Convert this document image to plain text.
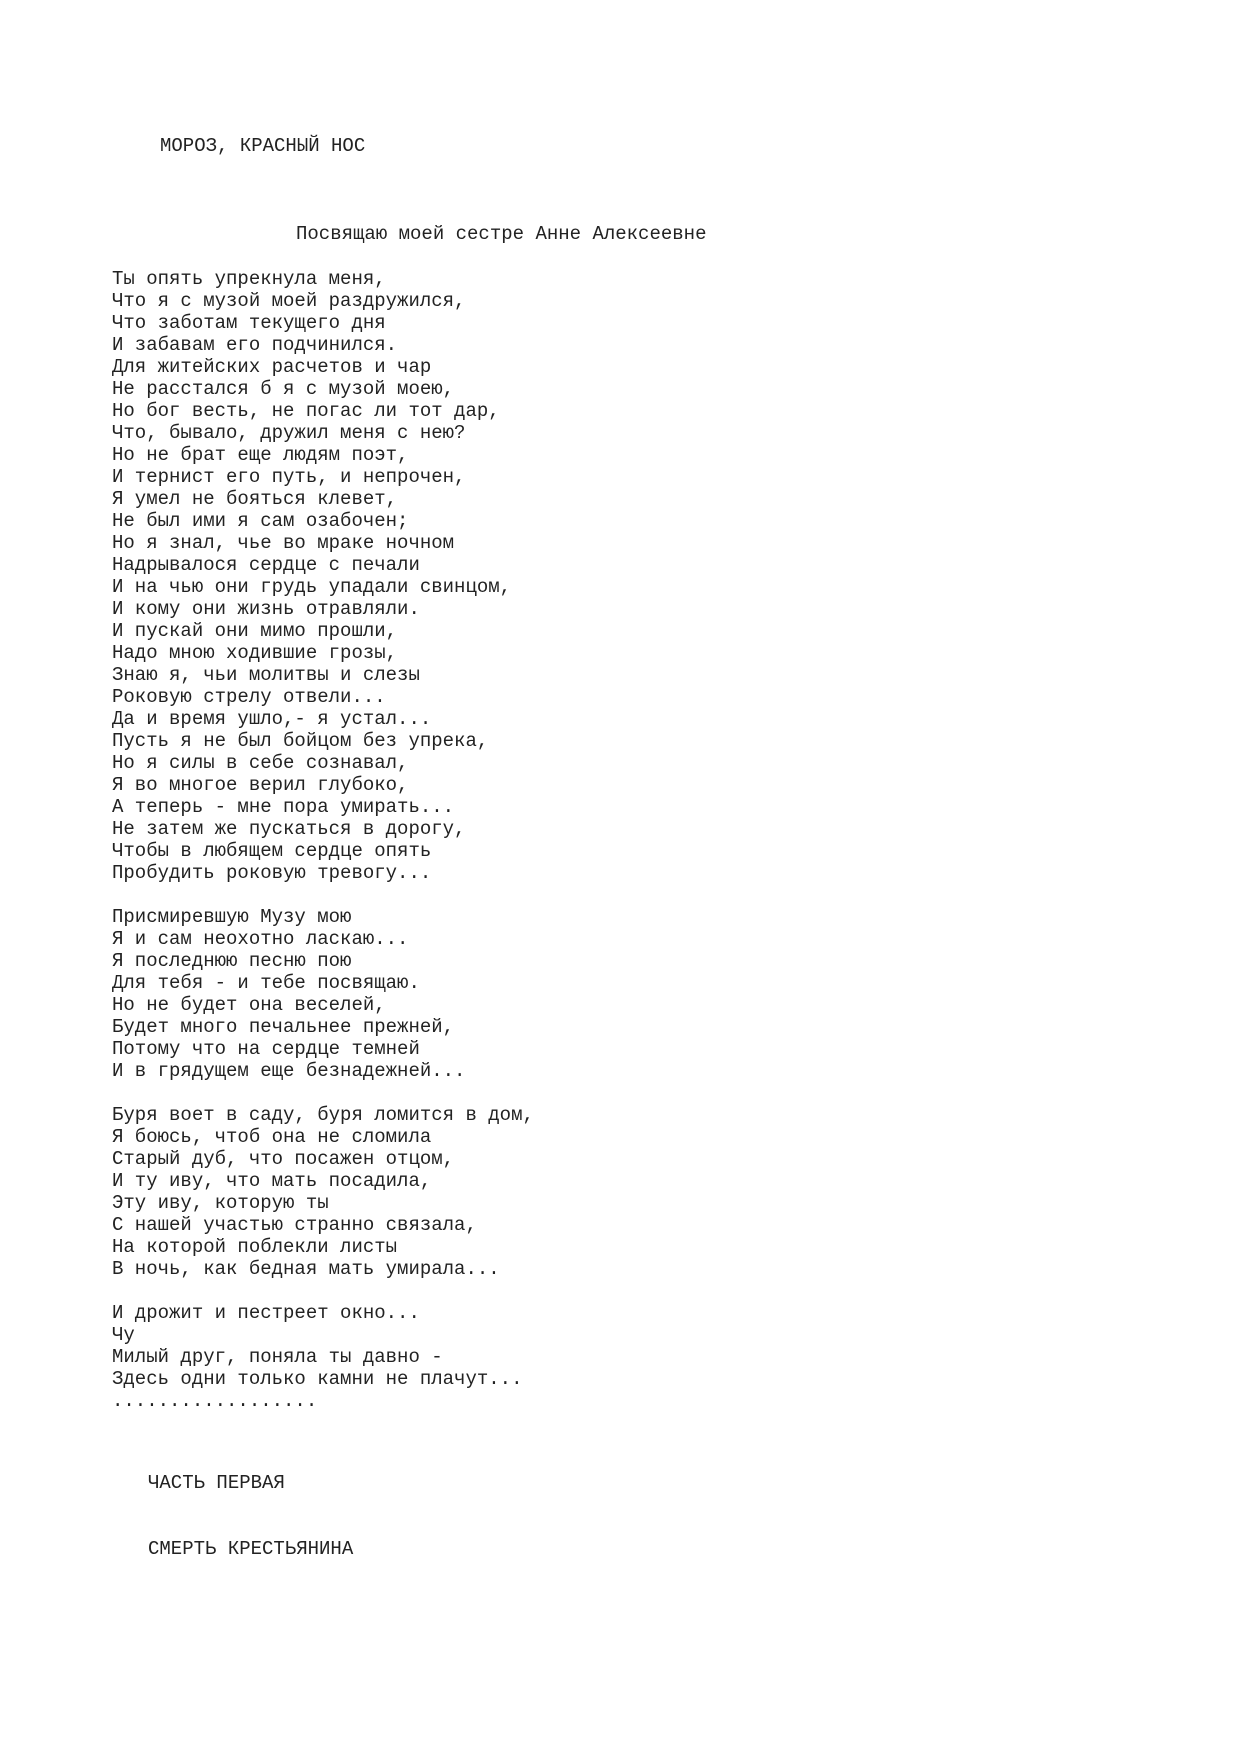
МОРОЗ, КРАСНЫЙ НОС
Посвящаю моей сестре Анне Алексеевне
Ты опять упрекнула меня,
Что я с музой моей раздружился,
Что заботам текущего дня
И забавам его подчинился.
Для житейских расчетов и чар
Не расстался б я с музой моею,
Но бог весть, не погас ли тот дар,
Что, бывало, дружил меня с нею?
Но не брат еще людям поэт,
И тернист его путь, и непрочен,
Я умел не бояться клевет,
Не был ими я сам озабочен;
Но я знал, чье во мраке ночном
Надрывалося сердце с печали
И на чью они грудь упадали свинцом,
И кому они жизнь отравляли.
И пускай они мимо прошли,
Надо мною ходившие грозы,
Знаю я, чьи молитвы и слезы
Роковую стрелу отвели...
Да и время ушло,- я устал...
Пусть я не был бойцом без упрека,
Но я силы в себе сознавал,
Я во многое верил глубоко,
А теперь - мне пора умирать...
Не затем же пускаться в дорогу,
Чтобы в любящем сердце опять
Пробудить роковую тревогу...
Присмиревшую Музу мою
Я и сам неохотно ласкаю...
Я последнюю песню пою
Для тебя - и тебе посвящаю.
Но не будет она веселей,
Будет много печальнее прежней,
Потому что на сердце темней
И в грядущем еще безнадежней...
Буря воет в саду, буря ломится в дом,
Я боюсь, чтоб она не сломила
Старый дуб, что посажен отцом,
И ту иву, что мать посадила,
Эту иву, которую ты
С нашей участью странно связала,
На которой поблекли листы
В ночь, как бедная мать умирала...
И дрожит и пестреет окно...
Чу
Милый друг, поняла ты давно -
Здесь одни только камни не плачут...
..................
ЧАСТЬ ПЕРВАЯ
СМЕРТЬ КРЕСТЬЯНИНА
